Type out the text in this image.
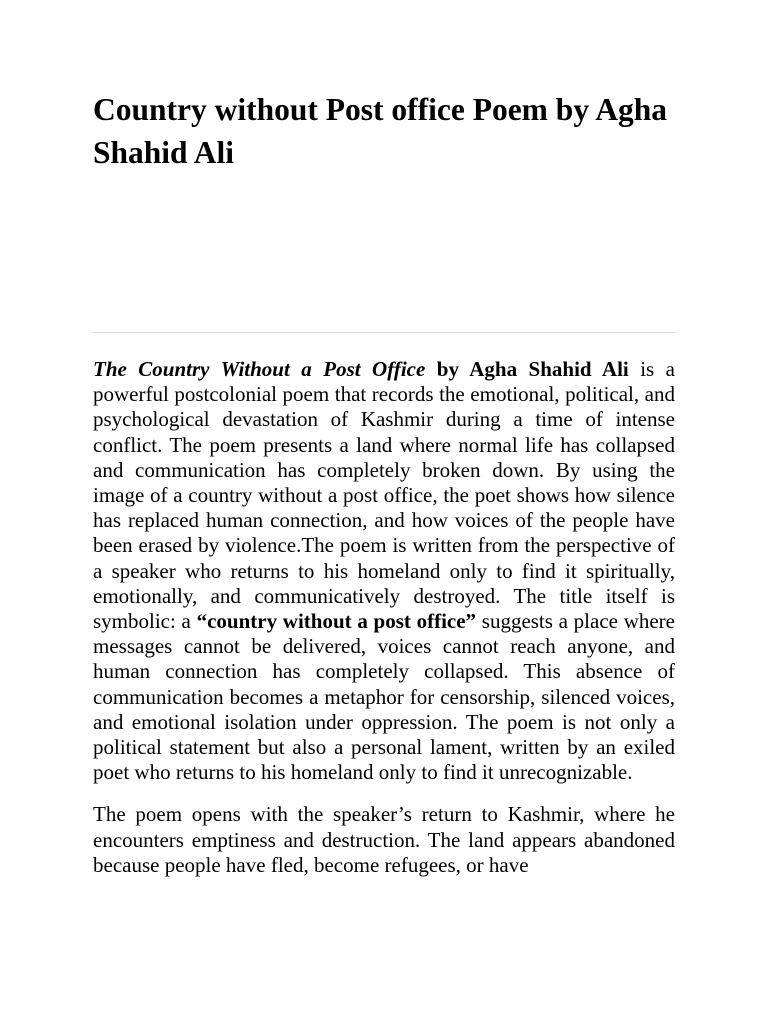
Country without Post office Poem by Agha Shahid Ali

The Country Without a Post Office by Agha Shahid Ali is a powerful postcolonial poem that records the emotional, political, and psychological devastation of Kashmir during a time of intense conflict. The poem presents a land where normal life has collapsed and communication has completely broken down. By using the image of a country without a post office, the poet shows how silence has replaced human connection, and how voices of the people have been erased by violence.The poem is written from the perspective of a speaker who returns to his homeland only to find it spiritually, emotionally, and communicatively destroyed. The title itself is symbolic: a “country without a post office” suggests a place where messages cannot be delivered, voices cannot reach anyone, and human connection has completely collapsed. This absence of communication becomes a metaphor for censorship, silenced voices, and emotional isolation under oppression. The poem is not only a political statement but also a personal lament, written by an exiled poet who returns to his homeland only to find it unrecognizable.

The poem opens with the speaker’s return to Kashmir, where he encounters emptiness and destruction. The land appears abandoned because people have fled, become refugees, or have
